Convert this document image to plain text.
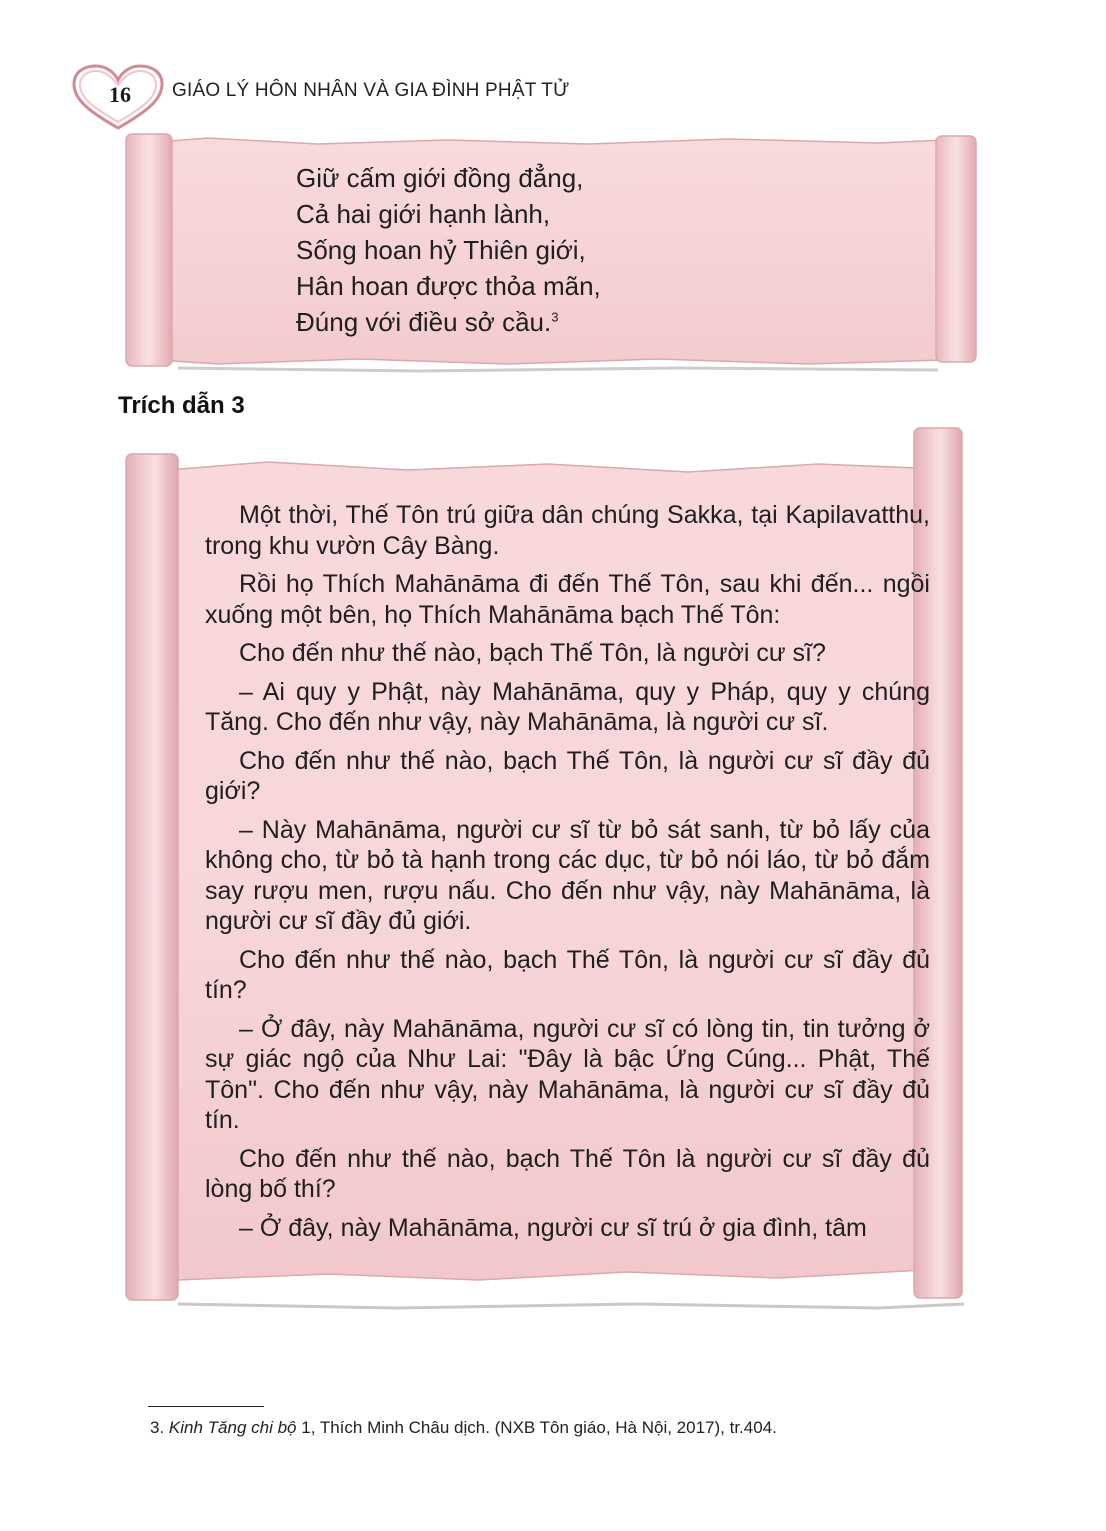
16	GIÁO LÝ HÔN NHÂN VÀ GIA ĐÌNH PHẬT TỬ
Giữ cấm giới đồng đẳng,
Cả hai giới hạnh lành,
Sống hoan hỷ Thiên giới,
Hân hoan được thỏa mãn,
Đúng với điều sở cầu.$^3$
Trích dẫn 3

Một thời, Thế Tôn trú giữa dân chúng Sakka, tại Kapilavatthu, trong khu vườn Cây Bàng.

Rồi họ Thích Mahānāma đi đến Thế Tôn, sau khi đến... ngồi xuống một bên, họ Thích Mahānāma bạch Thế Tôn:

Cho đến như thế nào, bạch Thế Tôn, là người cư sĩ?

– Ai quy y Phật, này Mahānāma, quy y Pháp, quy y chúng Tăng. Cho đến như vậy, này Mahānāma, là người cư sĩ.

Cho đến như thế nào, bạch Thế Tôn, là người cư sĩ đầy đủ giới?

– Này Mahānāma, người cư sĩ từ bỏ sát sanh, từ bỏ lấy của không cho, từ bỏ tà hạnh trong các dục, từ bỏ nói láo, từ bỏ đắm say rượu men, rượu nấu. Cho đến như vậy, này Mahānāma, là người cư sĩ đầy đủ giới.

Cho đến như thế nào, bạch Thế Tôn, là người cư sĩ đầy đủ tín?

– Ở đây, này Mahānāma, người cư sĩ có lòng tin, tin tưởng ở sự giác ngộ của Như Lai: "Đây là bậc Ứng Cúng... Phật, Thế Tôn". Cho đến như vậy, này Mahānāma, là người cư sĩ đầy đủ tín.

Cho đến như thế nào, bạch Thế Tôn là người cư sĩ đầy đủ lòng bố thí?

– Ở đây, này Mahānāma, người cư sĩ trú ở gia đình, tâm

3. Kinh Tăng chi bộ 1, Thích Minh Châu dịch. (NXB Tôn giáo, Hà Nội, 2017), tr.404.
